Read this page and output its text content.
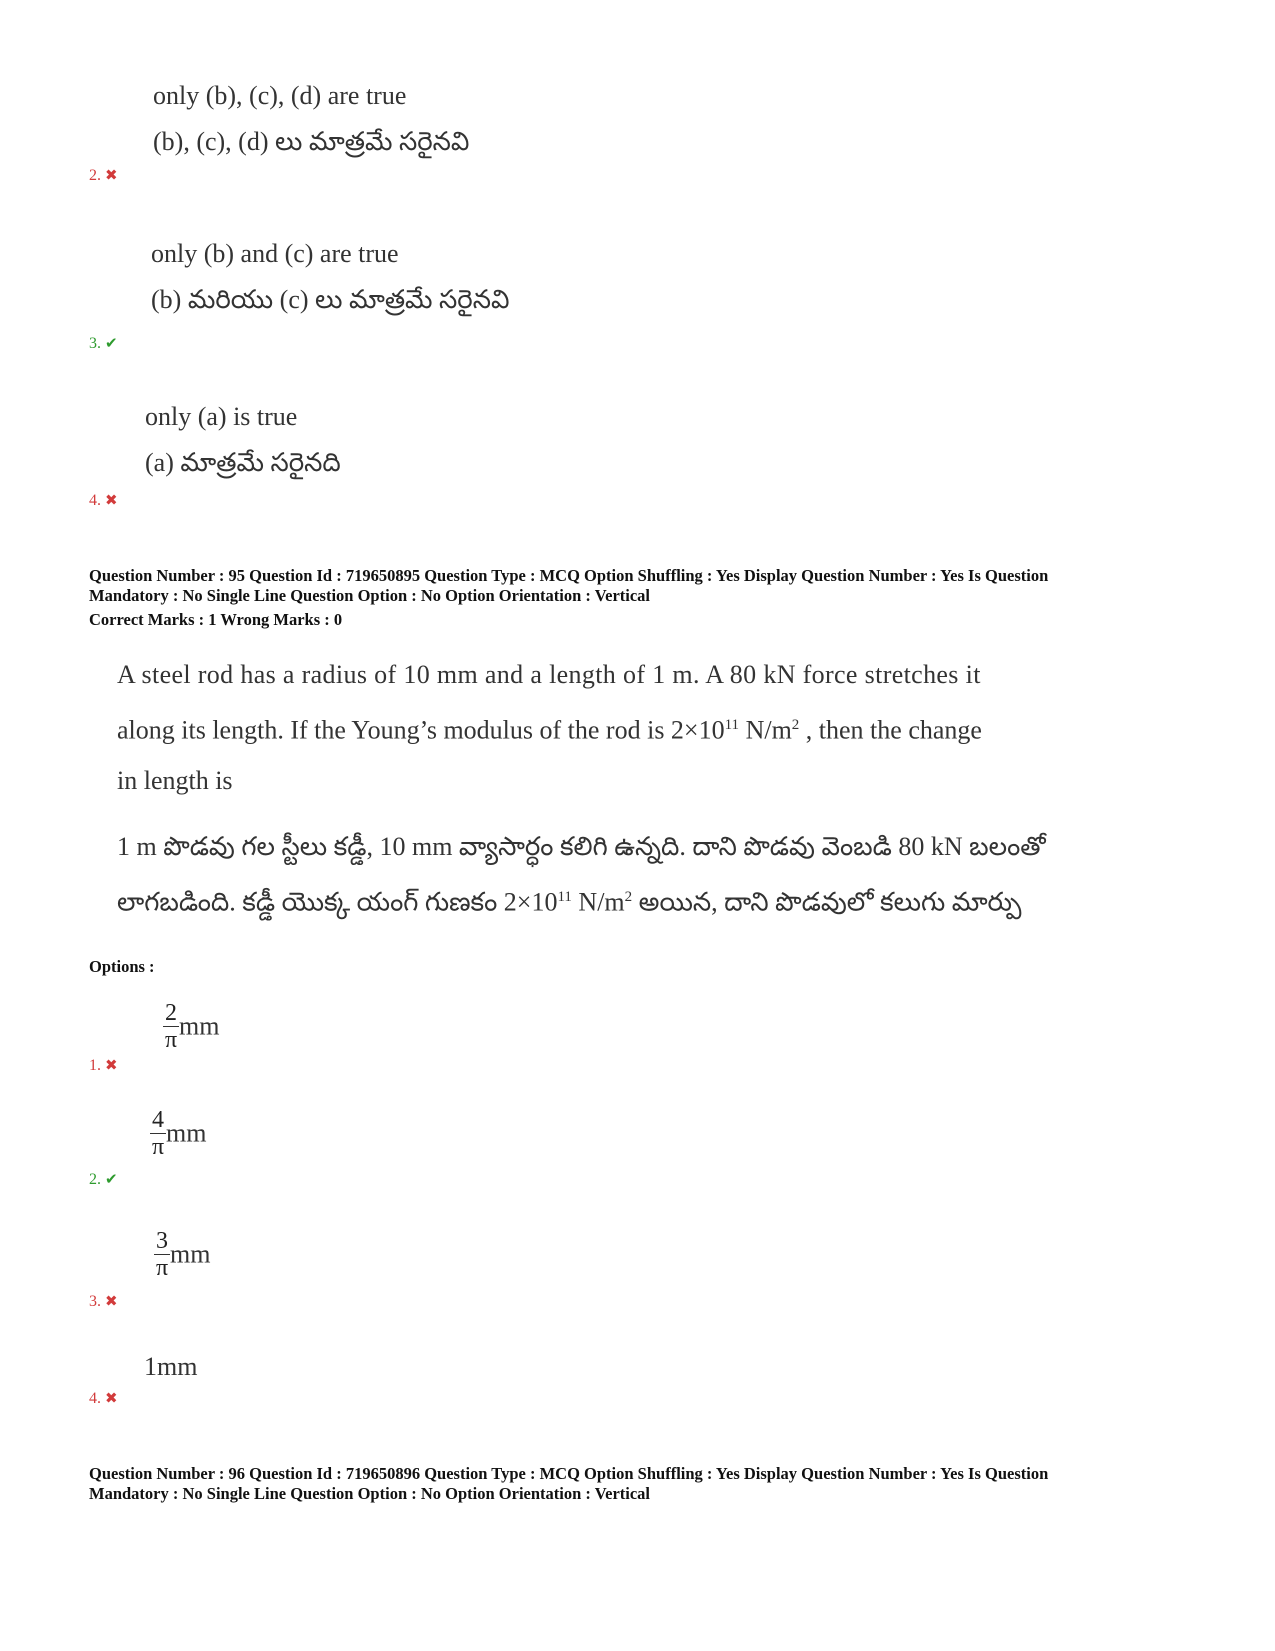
only (b), (c), (d) are true
(b), (c), (d) లు మాత్రమే సరైనవి
2. ✖
only (b) and (c) are true
(b) మరియు (c) లు మాత్రమే సరైనవి
3. ✔
only (a) is true
(a) మాత్రమే సరైనది
4. ✖
Question Number : 95 Question Id : 719650895 Question Type : MCQ Option Shuffling : Yes Display Question Number : Yes Is Question
Mandatory : No Single Line Question Option : No Option Orientation : Vertical
Correct Marks : 1 Wrong Marks : 0
A steel rod has a radius of 10 mm and a length of 1 m. A 80 kN force stretches it
along its length. If the Young’s modulus of the rod is $2\times 10^{11}$ $N/m^2$ , then the change
in length is
1 m పొడవు గల స్టీలు కడ్డీ, 10 mm వ్యాసార్ధం కలిగి ఉన్నది. దాని పొడవు వెంబడి 80 kN బలంతో
లాగబడింది. కడ్డీ యొక్క యంగ్ గుణకం $2\times 10^{11}$ $N/m^2$ అయిన, దాని పొడవులో కలుగు మార్పు
Options :
$\frac{2}{\pi}$ mm
1. ✖
$\frac{4}{\pi}$ mm
2. ✔
$\frac{3}{\pi}$ mm
3. ✖
1mm
4. ✖
Question Number : 96 Question Id : 719650896 Question Type : MCQ Option Shuffling : Yes Display Question Number : Yes Is Question
Mandatory : No Single Line Question Option : No Option Orientation : Vertical
